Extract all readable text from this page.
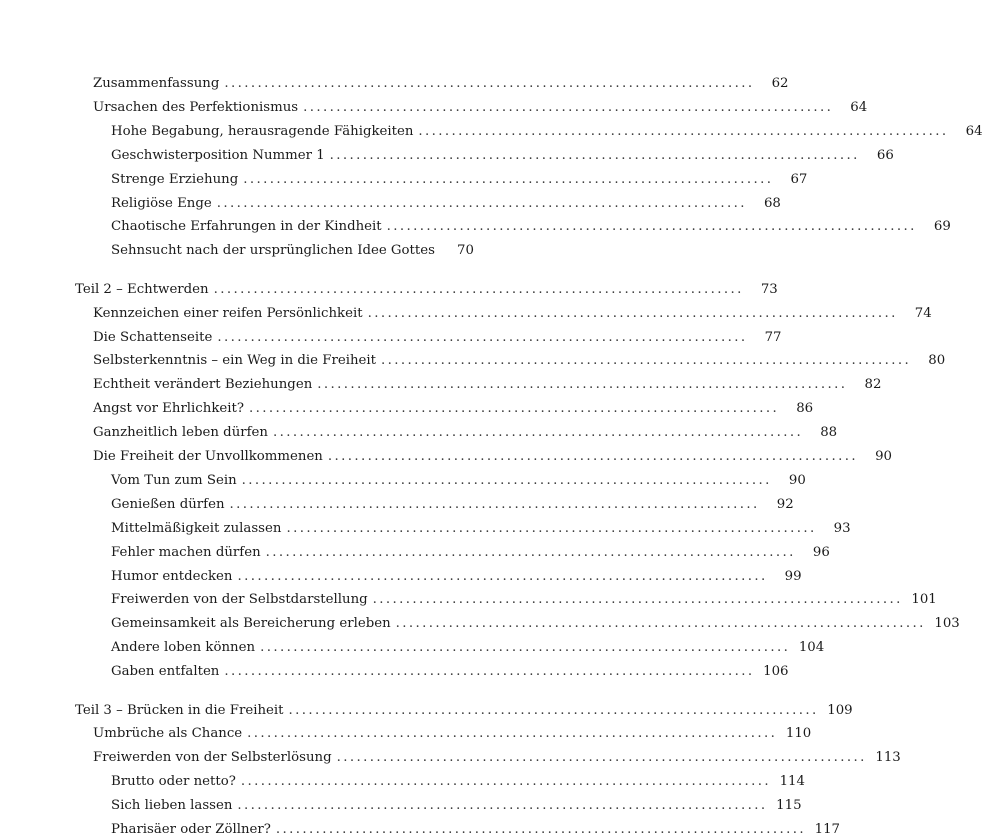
Zusammenfassung ................................................................................	62
Ursachen des Perfektionismus ................................................................................	64
Hohe Begabung, herausragende Fähigkeiten ................................................................................	64
Geschwisterposition Nummer 1 ................................................................................	66
Strenge Erziehung ................................................................................	67
Religiöse Enge ................................................................................	68
Chaotische Erfahrungen in der Kindheit ................................................................................	69
Sehnsucht nach der ursprünglichen Idee Gottes	70
Teil 2 – Echtwerden ................................................................................	73
Kennzeichen einer reifen Persönlichkeit ................................................................................	74
Die Schattenseite ................................................................................	77
Selbsterkenntnis – ein Weg in die Freiheit ................................................................................	80
Echtheit verändert Beziehungen ................................................................................	82
Angst vor Ehrlichkeit? ................................................................................	86
Ganzheitlich leben dürfen ................................................................................	88
Die Freiheit der Unvollkommenen ................................................................................	90
Vom Tun zum Sein ................................................................................	90
Genießen dürfen ................................................................................	92
Mittelmäßigkeit zulassen ................................................................................	93
Fehler machen dürfen ................................................................................	96
Humor entdecken ................................................................................	99
Freiwerden von der Selbstdarstellung ................................................................................ 101
Gemeinsamkeit als Bereicherung erleben ................................................................................ 103
Andere loben können ................................................................................ 104
Gaben entfalten ................................................................................ 106
Teil 3 – Brücken in die Freiheit ................................................................................ 109
Umbrüche als Chance ................................................................................ 110
Freiwerden von der Selbsterlösung ................................................................................ 113
Brutto oder netto? ................................................................................ 114
Sich lieben lassen ................................................................................ 115
Pharisäer oder Zöllner? ................................................................................ 117
